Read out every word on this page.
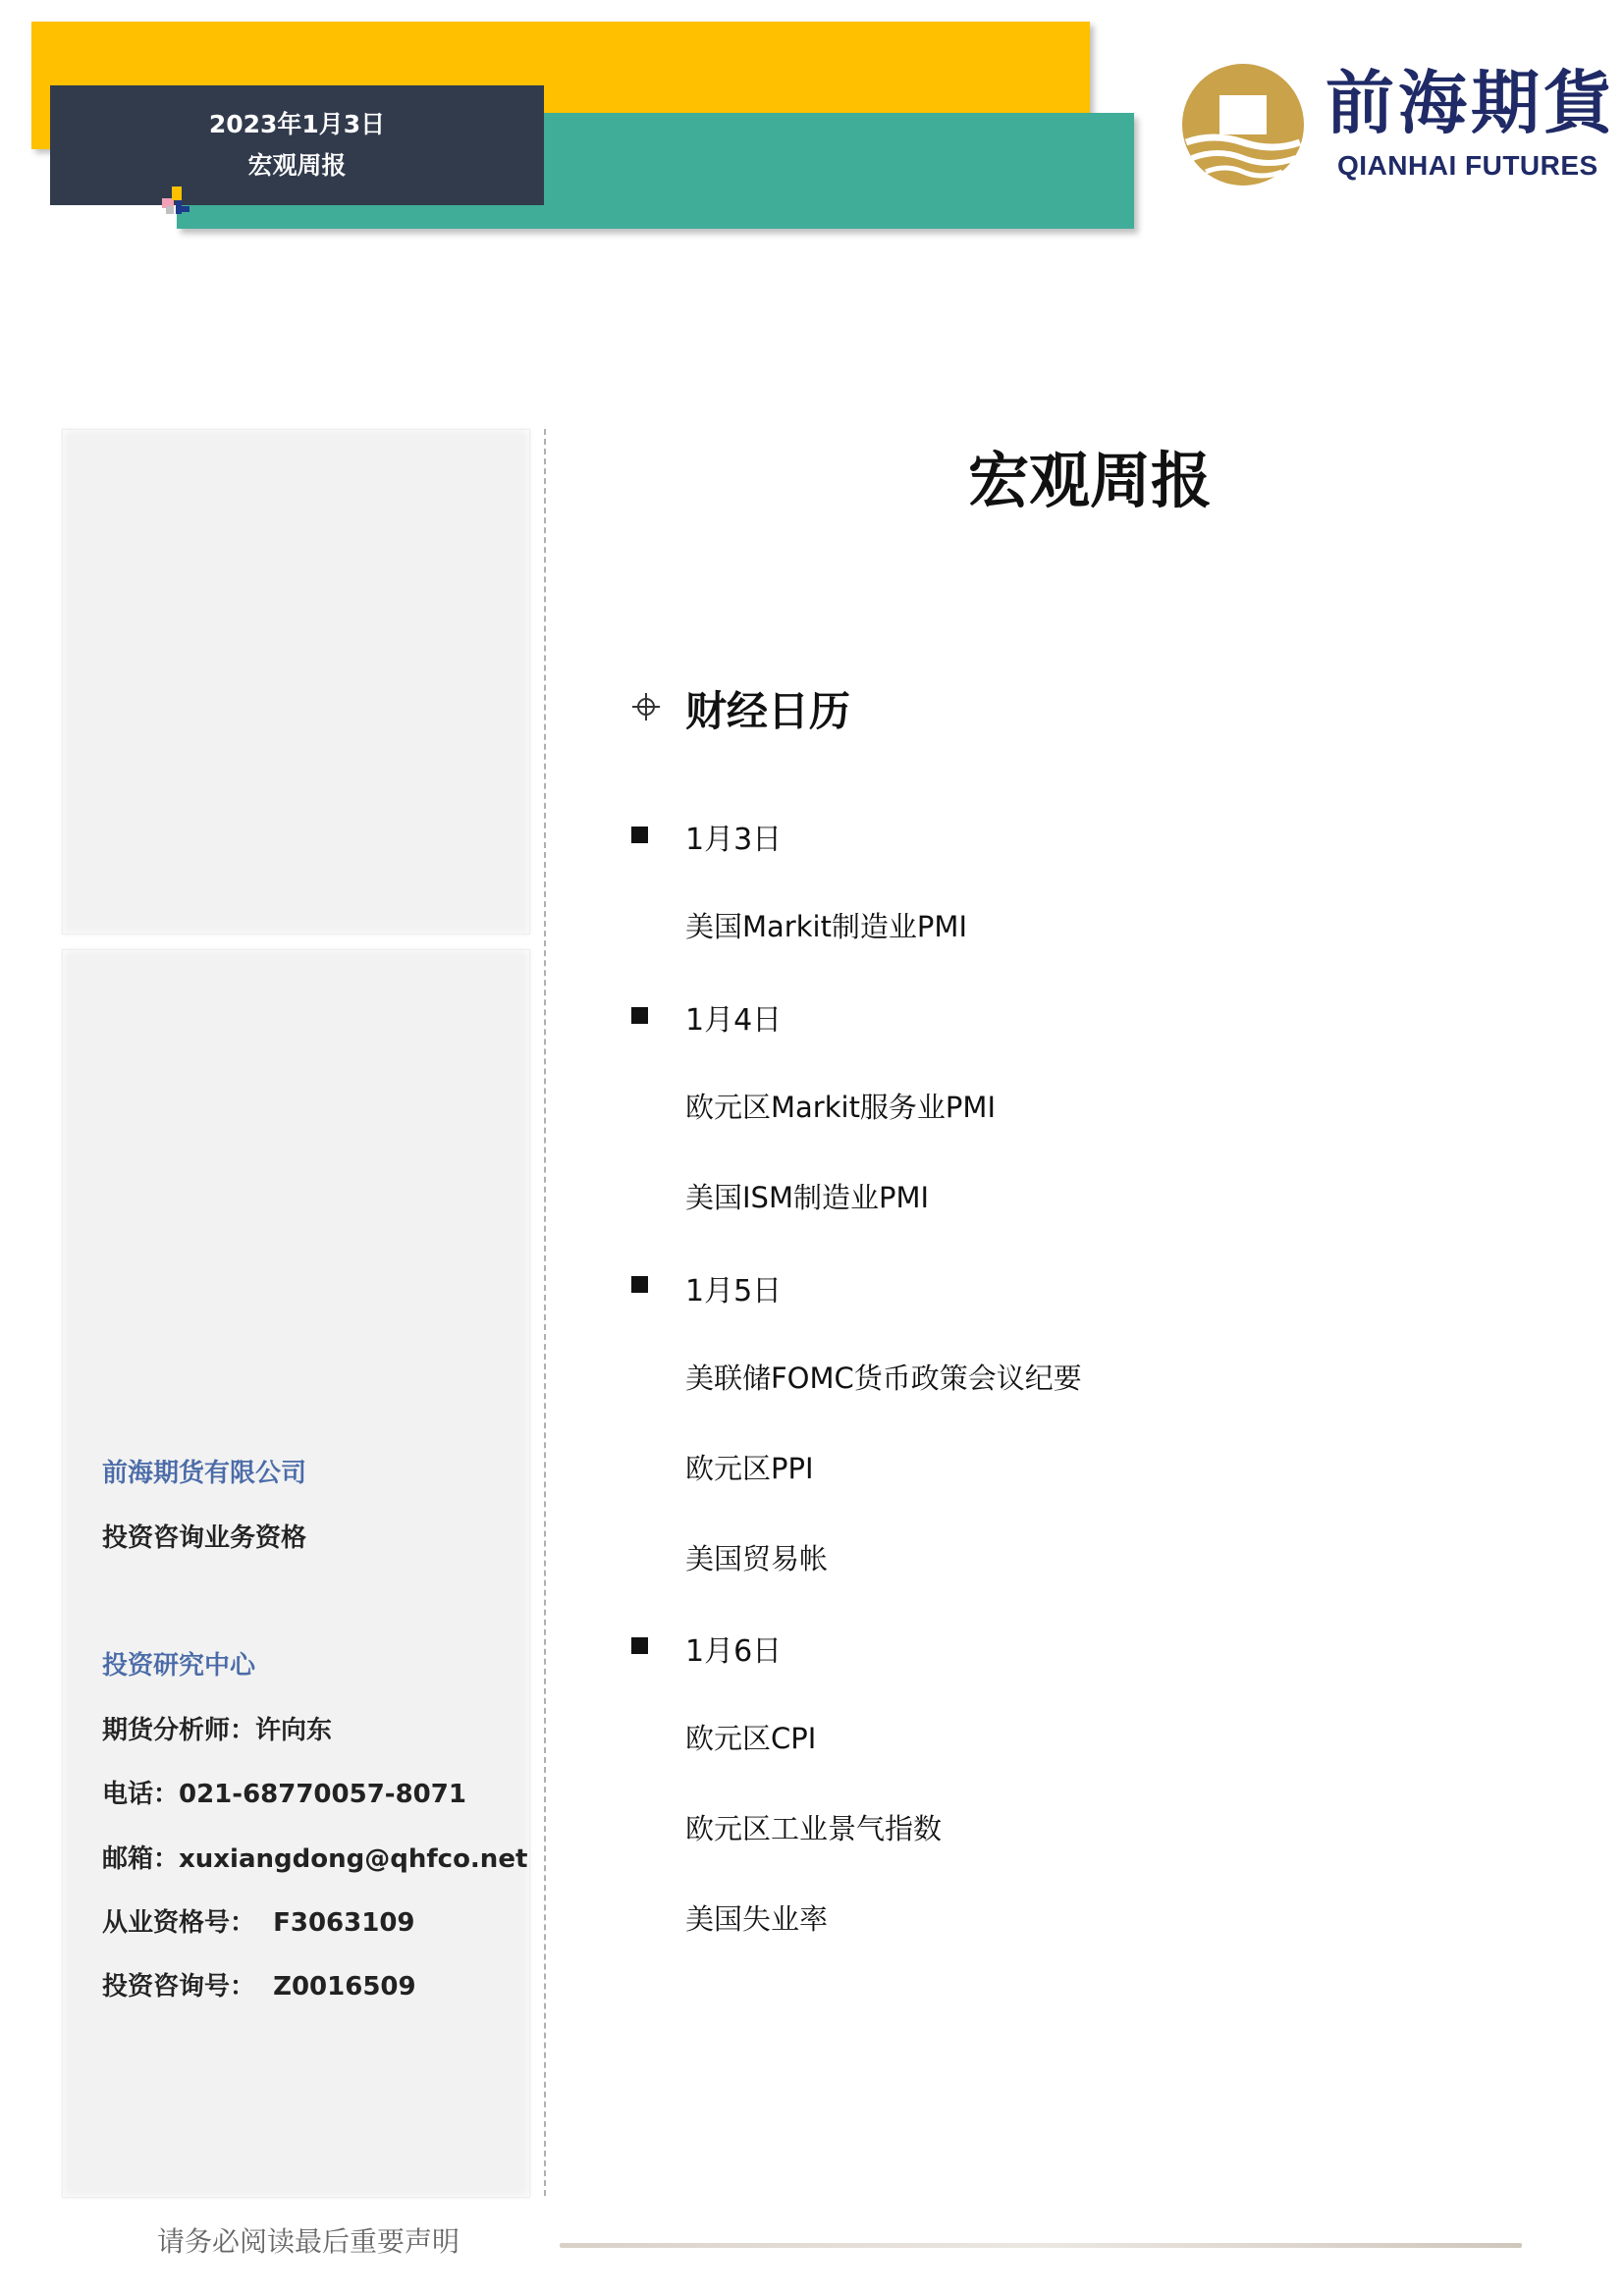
2023年1月3日
宏观周报
前海期貨
QIANHAI FUTURES
前海期货有限公司
投资咨询业务资格
投资研究中心
期货分析师：许向东
电话：021-68770057-8071
邮箱：xuxiangdong@qhfco.net
从业资格号：  F3063109
投资咨询号：  Z0016509
宏观周报
财经日历
1月3日
美国Markit制造业PMI
1月4日
欧元区Markit服务业PMI
美国ISM制造业PMI
1月5日
美联储FOMC货币政策会议纪要
欧元区PPI
美国贸易帐
1月6日
欧元区CPI
欧元区工业景气指数
美国失业率
请务必阅读最后重要声明
